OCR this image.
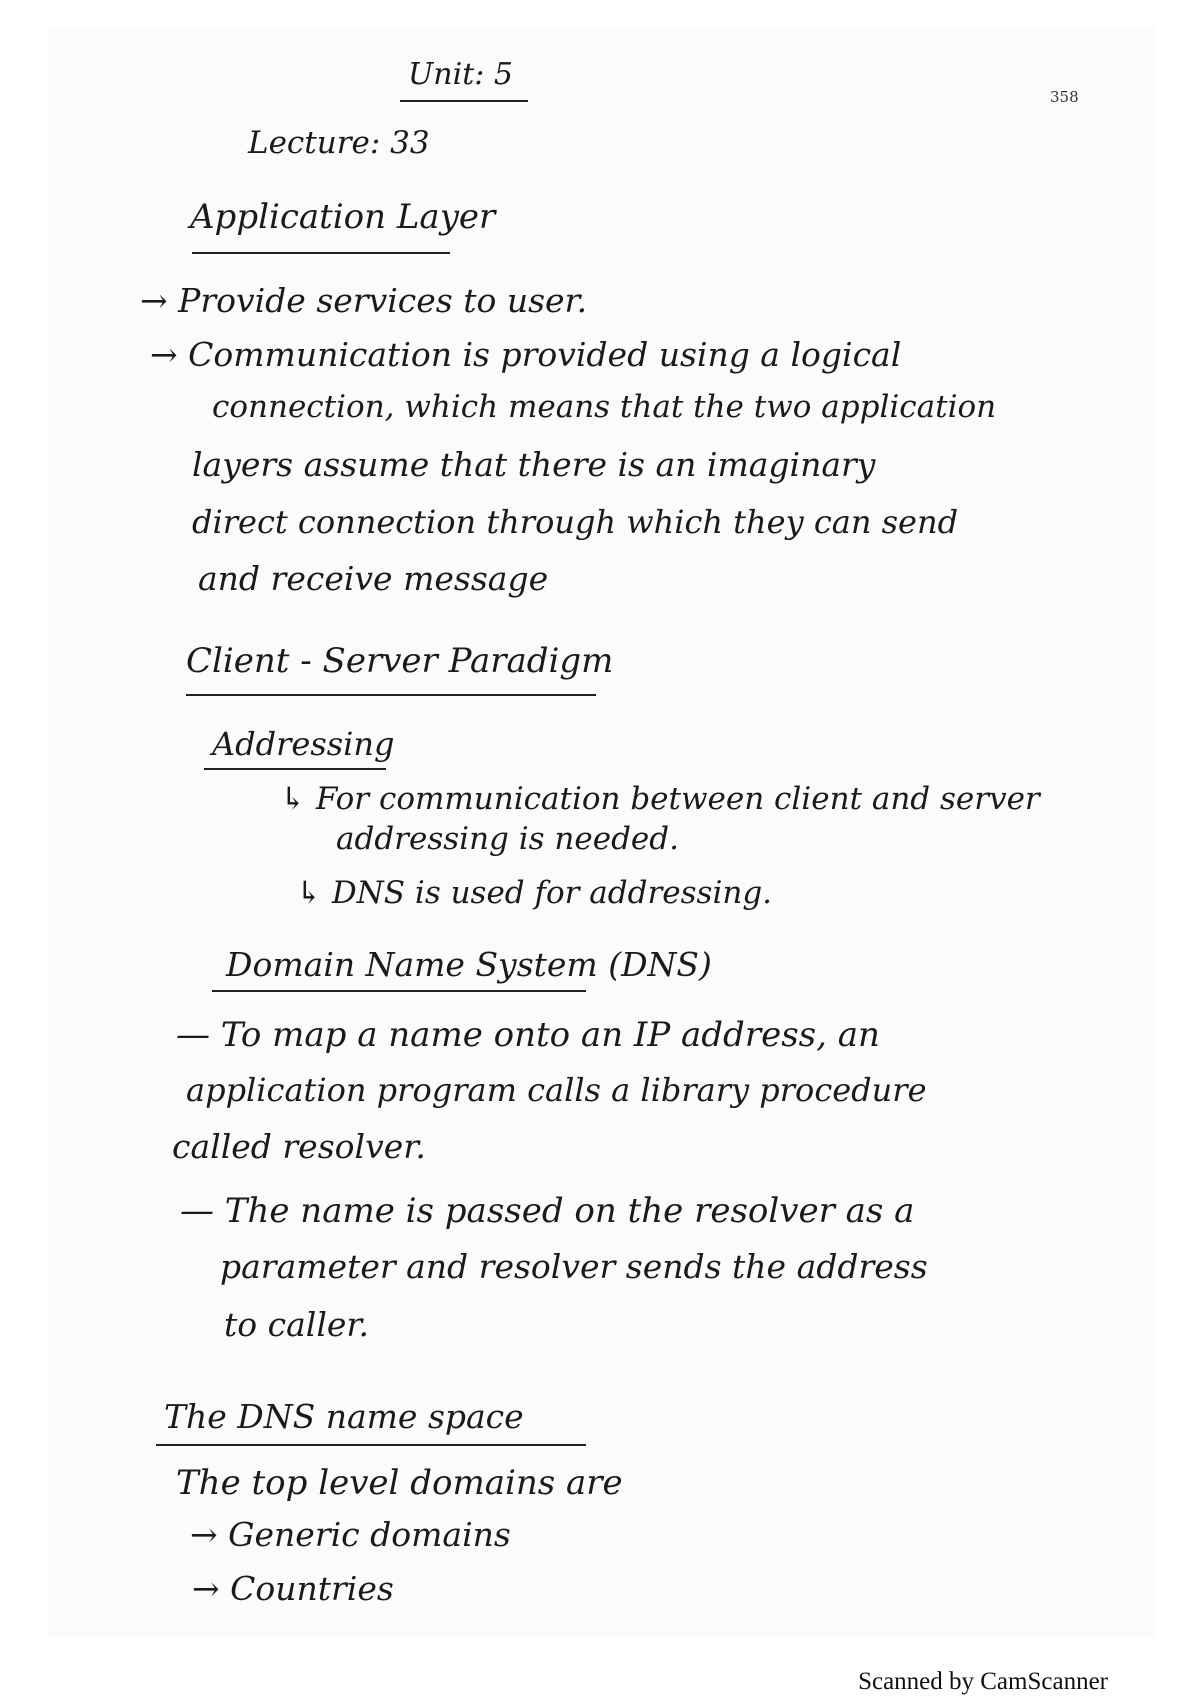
358
Unit: 5
Lecture: 33
Application Layer
→ Provide services to user.
→ Communication is provided using a logical
connection, which means that the two application
layers assume that there is an imaginary
direct connection through which they can send
and receive message
Client - Server Paradigm
Addressing
↳ For communication between client and server
addressing is needed.
↳ DNS is used for addressing.
Domain Name System (DNS)
— To map a name onto an IP address, an
application program calls a library procedure
called resolver.
— The name is passed on the resolver as a
parameter and resolver sends the address
to caller.
The DNS name space
The top level domains are
→ Generic domains
→ Countries
Scanned by CamScanner
